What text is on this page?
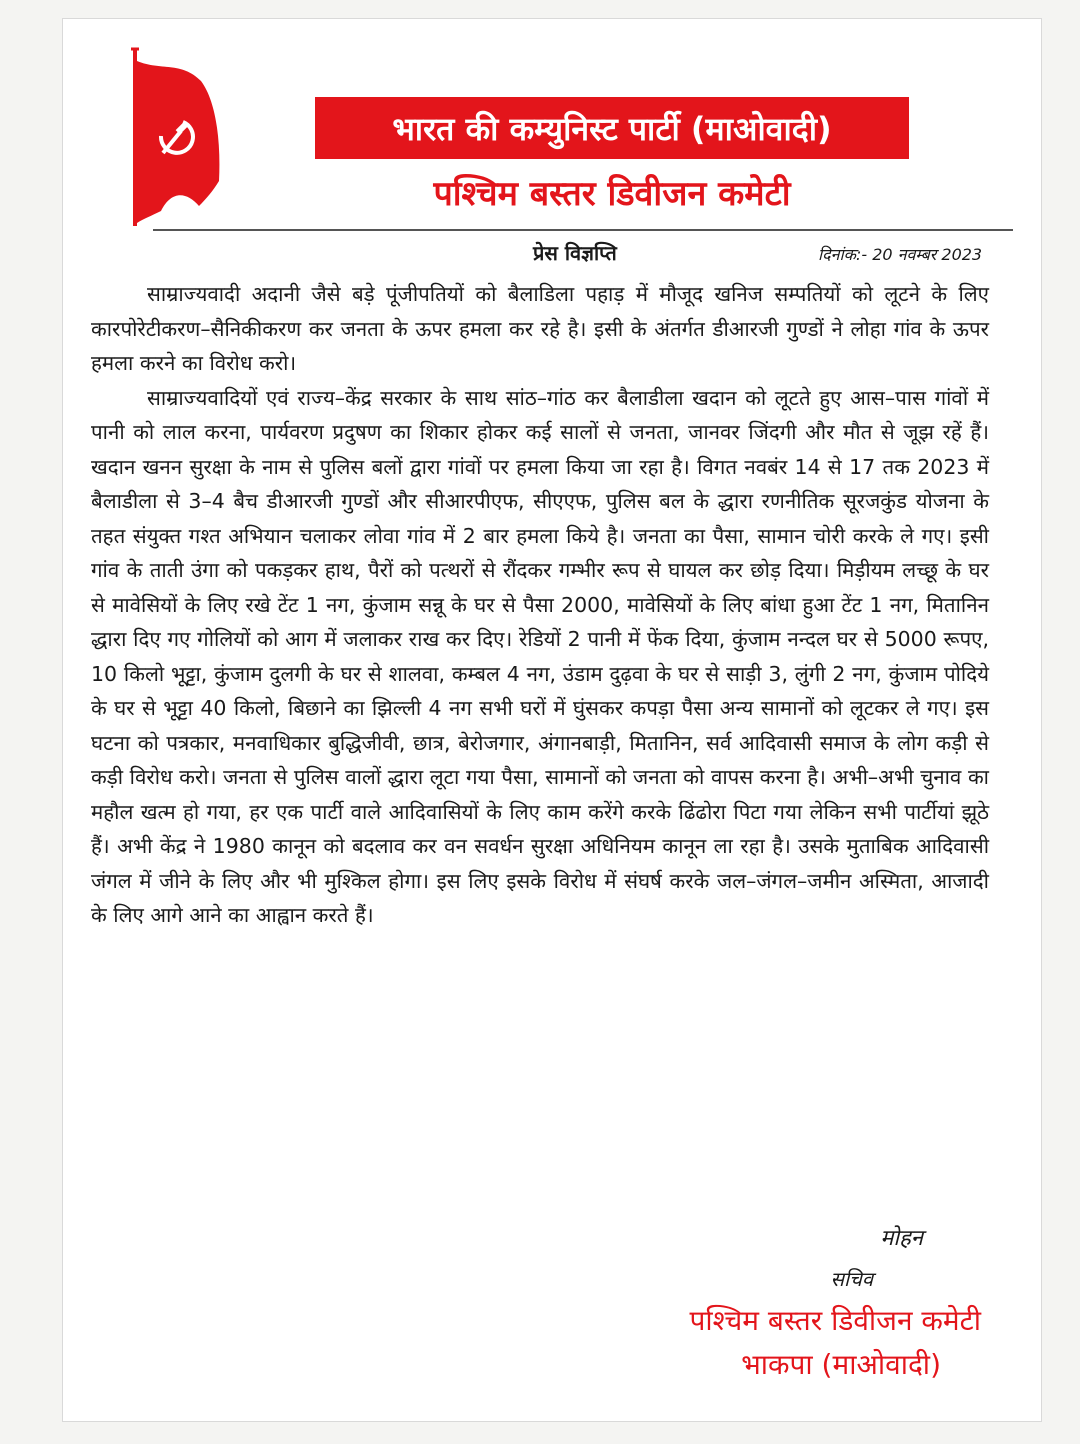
भारत की कम्युनिस्ट पार्टी (माओवादी)
पश्चिम बस्तर डिवीजन कमेटी
प्रेस विज्ञप्ति	दिनांक:- 20 नवम्बर 2023

साम्राज्यवादी अदानी जैसे बड़े पूंजीपतियों को बैलाडिला पहाड़ में मौजूद खनिज सम्पतियों को लूटने के लिए कारपोरेटीकरण–सैनिकीकरण कर जनता के ऊपर हमला कर रहे है। इसी के अंतर्गत डीआरजी गुण्डों ने लोहा गांव के ऊपर हमला करने का विरोध करो।

साम्राज्यवादियों एवं राज्य–केंद्र सरकार के साथ सांठ–गांठ कर बैलाडीला खदान को लूटते हुए आस–पास गांवों में पानी को लाल करना, पार्यवरण प्रदुषण का शिकार होकर कई सालों से जनता, जानवर जिंदगी और मौत से जूझ रहें हैं। खदान खनन सुरक्षा के नाम से पुलिस बलों द्वारा गांवों पर हमला किया जा रहा है। विगत नवबंर 14 से 17 तक 2023 में बैलाडीला से 3–4 बैच डीआरजी गुण्डों और सीआरपीएफ, सीएएफ, पुलिस बल के द्धारा रणनीतिक सूरजकुंड योजना के तहत संयुक्त गश्त अभियान चलाकर लोवा गांव में 2 बार हमला किये है। जनता का पैसा, सामान चोरी करके ले गए। इसी गांव के ताती उंगा को पकड़कर हाथ, पैरों को पत्थरों से रौंदकर गम्भीर रूप से घायल कर छोड़ दिया। मिड़ीयम लच्छू के घर से मावेसियों के लिए रखे टेंट 1 नग, कुंजाम सन्नू के घर से पैसा 2000, मावेसियों के लिए बांधा हुआ टेंट 1 नग, मितानिन द्धारा दिए गए गोलियों को आग में जलाकर राख कर दिए। रेडियों 2 पानी में फेंक दिया, कुंजाम नन्दल घर से 5000 रूपए, 10 किलो भूट्टा, कुंजाम दुलगी के घर से शालवा, कम्बल 4 नग, उंडाम दुढ़वा के घर से साड़ी 3, लुंगी 2 नग, कुंजाम पोदिये के घर से भूट्टा 40 किलो, बिछाने का झिल्ली 4 नग सभी घरों में घुंसकर कपड़ा पैसा अन्य सामानों को लूटकर ले गए। इस घटना को पत्रकार, मनवाधिकार बुद्धिजीवी, छात्र, बेरोजगार, अंगानबाड़ी, मितानिन, सर्व आदिवासी समाज के लोग कड़ी से कड़ी विरोध करो। जनता से पुलिस वालों द्धारा लूटा गया पैसा, सामानों को जनता को वापस करना है। अभी–अभी चुनाव का महौल खत्म हो गया, हर एक पार्टी वाले आदिवासियों के लिए काम करेंगे करके ढिंढोरा पिटा गया लेकिन सभी पार्टीयां झूठे हैं। अभी केंद्र ने 1980 कानून को बदलाव कर वन सवर्धन सुरक्षा अधिनियम कानून ला रहा है। उसके मुताबिक आदिवासी जंगल में जीने के लिए और भी मुश्किल होगा। इस लिए इसके विरोध में संघर्ष करके जल–जंगल–जमीन अस्मिता, आजादी के लिए आगे आने का आह्वान करते हैं।

मोहन
सचिव
पश्चिम बस्तर डिवीजन कमेटी
भाकपा (माओवादी)
